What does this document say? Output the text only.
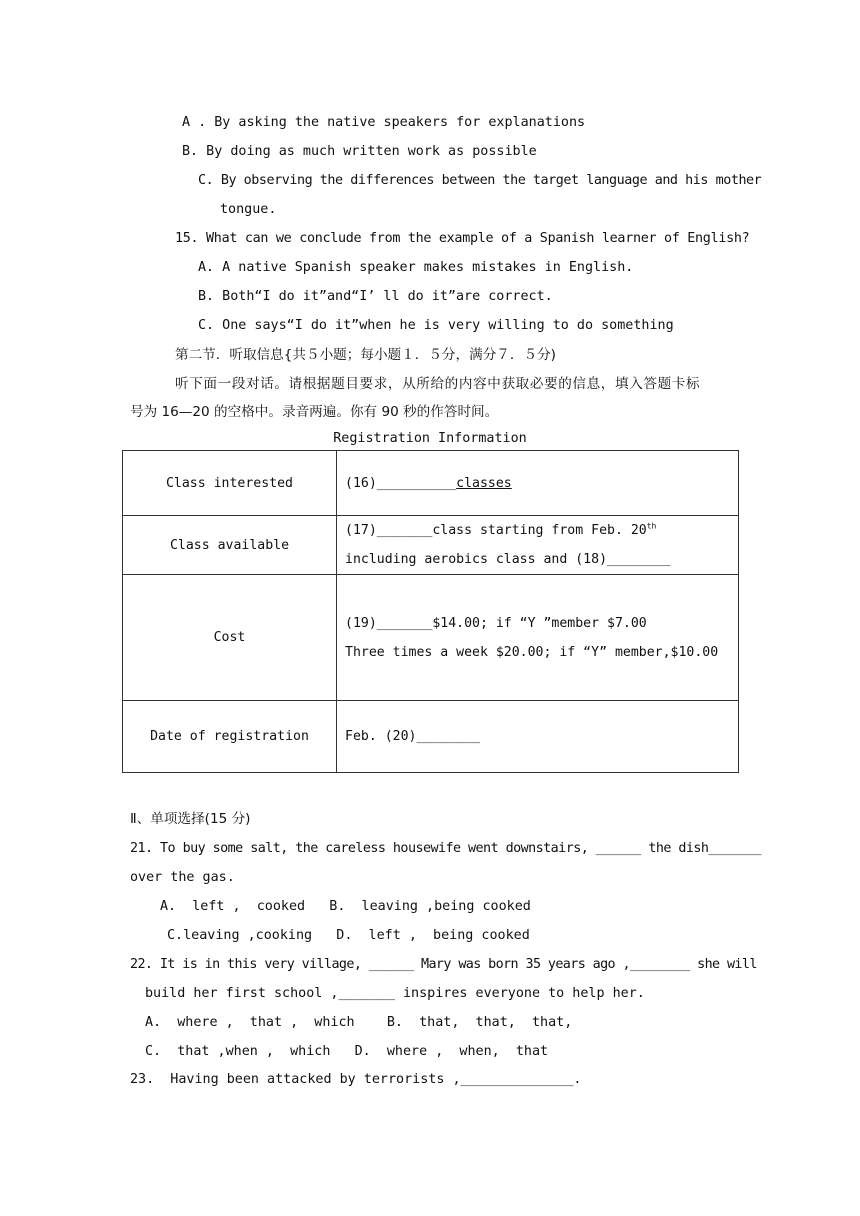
A . By asking the native speakers for explanations
B. By doing as much written work as possible
C. By observing the differences between the target language and his mother
tongue.
15. What can we conclude from the example of a Spanish learner of English?
A. A native Spanish speaker makes mistakes in English.
B. Both“I do it”and“I’ ll do it”are correct.
C. One says“I do it”when he is very willing to do something
第二节．听取信息{共５小题；每小题１．５分，满分７．５分)
听下面一段对话。请根据题目要求，从所给的内容中获取必要的信息，填入答题卡标
号为 16—20 的空格中。录音两遍。你有 90 秒的作答时间。
Registration Information
Class interested	(16)__________classes
Class available	(17)_______class starting from Feb. 20th
including aerobics class and (18)________

Cost	(19)_______$14.00; if “Y ”member $7.00
Three times a week $20.00; if “Y” member,$10.00

Date of registration	Feb. (20)________
Ⅱ、单项选择(15 分)
21. To buy some salt, the careless housewife went downstairs, ______ the dish_______
over the gas.
A.  left ,  cooked   B.  leaving ,being cooked
C.leaving ,cooking   D.  left ,  being cooked
22. It is in this very village, ______ Mary was born 35 years ago ,________ she will
build her first school ,_______ inspires everyone to help her.
A.  where ,  that ,  which    B.  that,  that,  that,
C.  that ,when ,  which   D.  where ,  when,  that
23.  Having been attacked by terrorists ,______________.
